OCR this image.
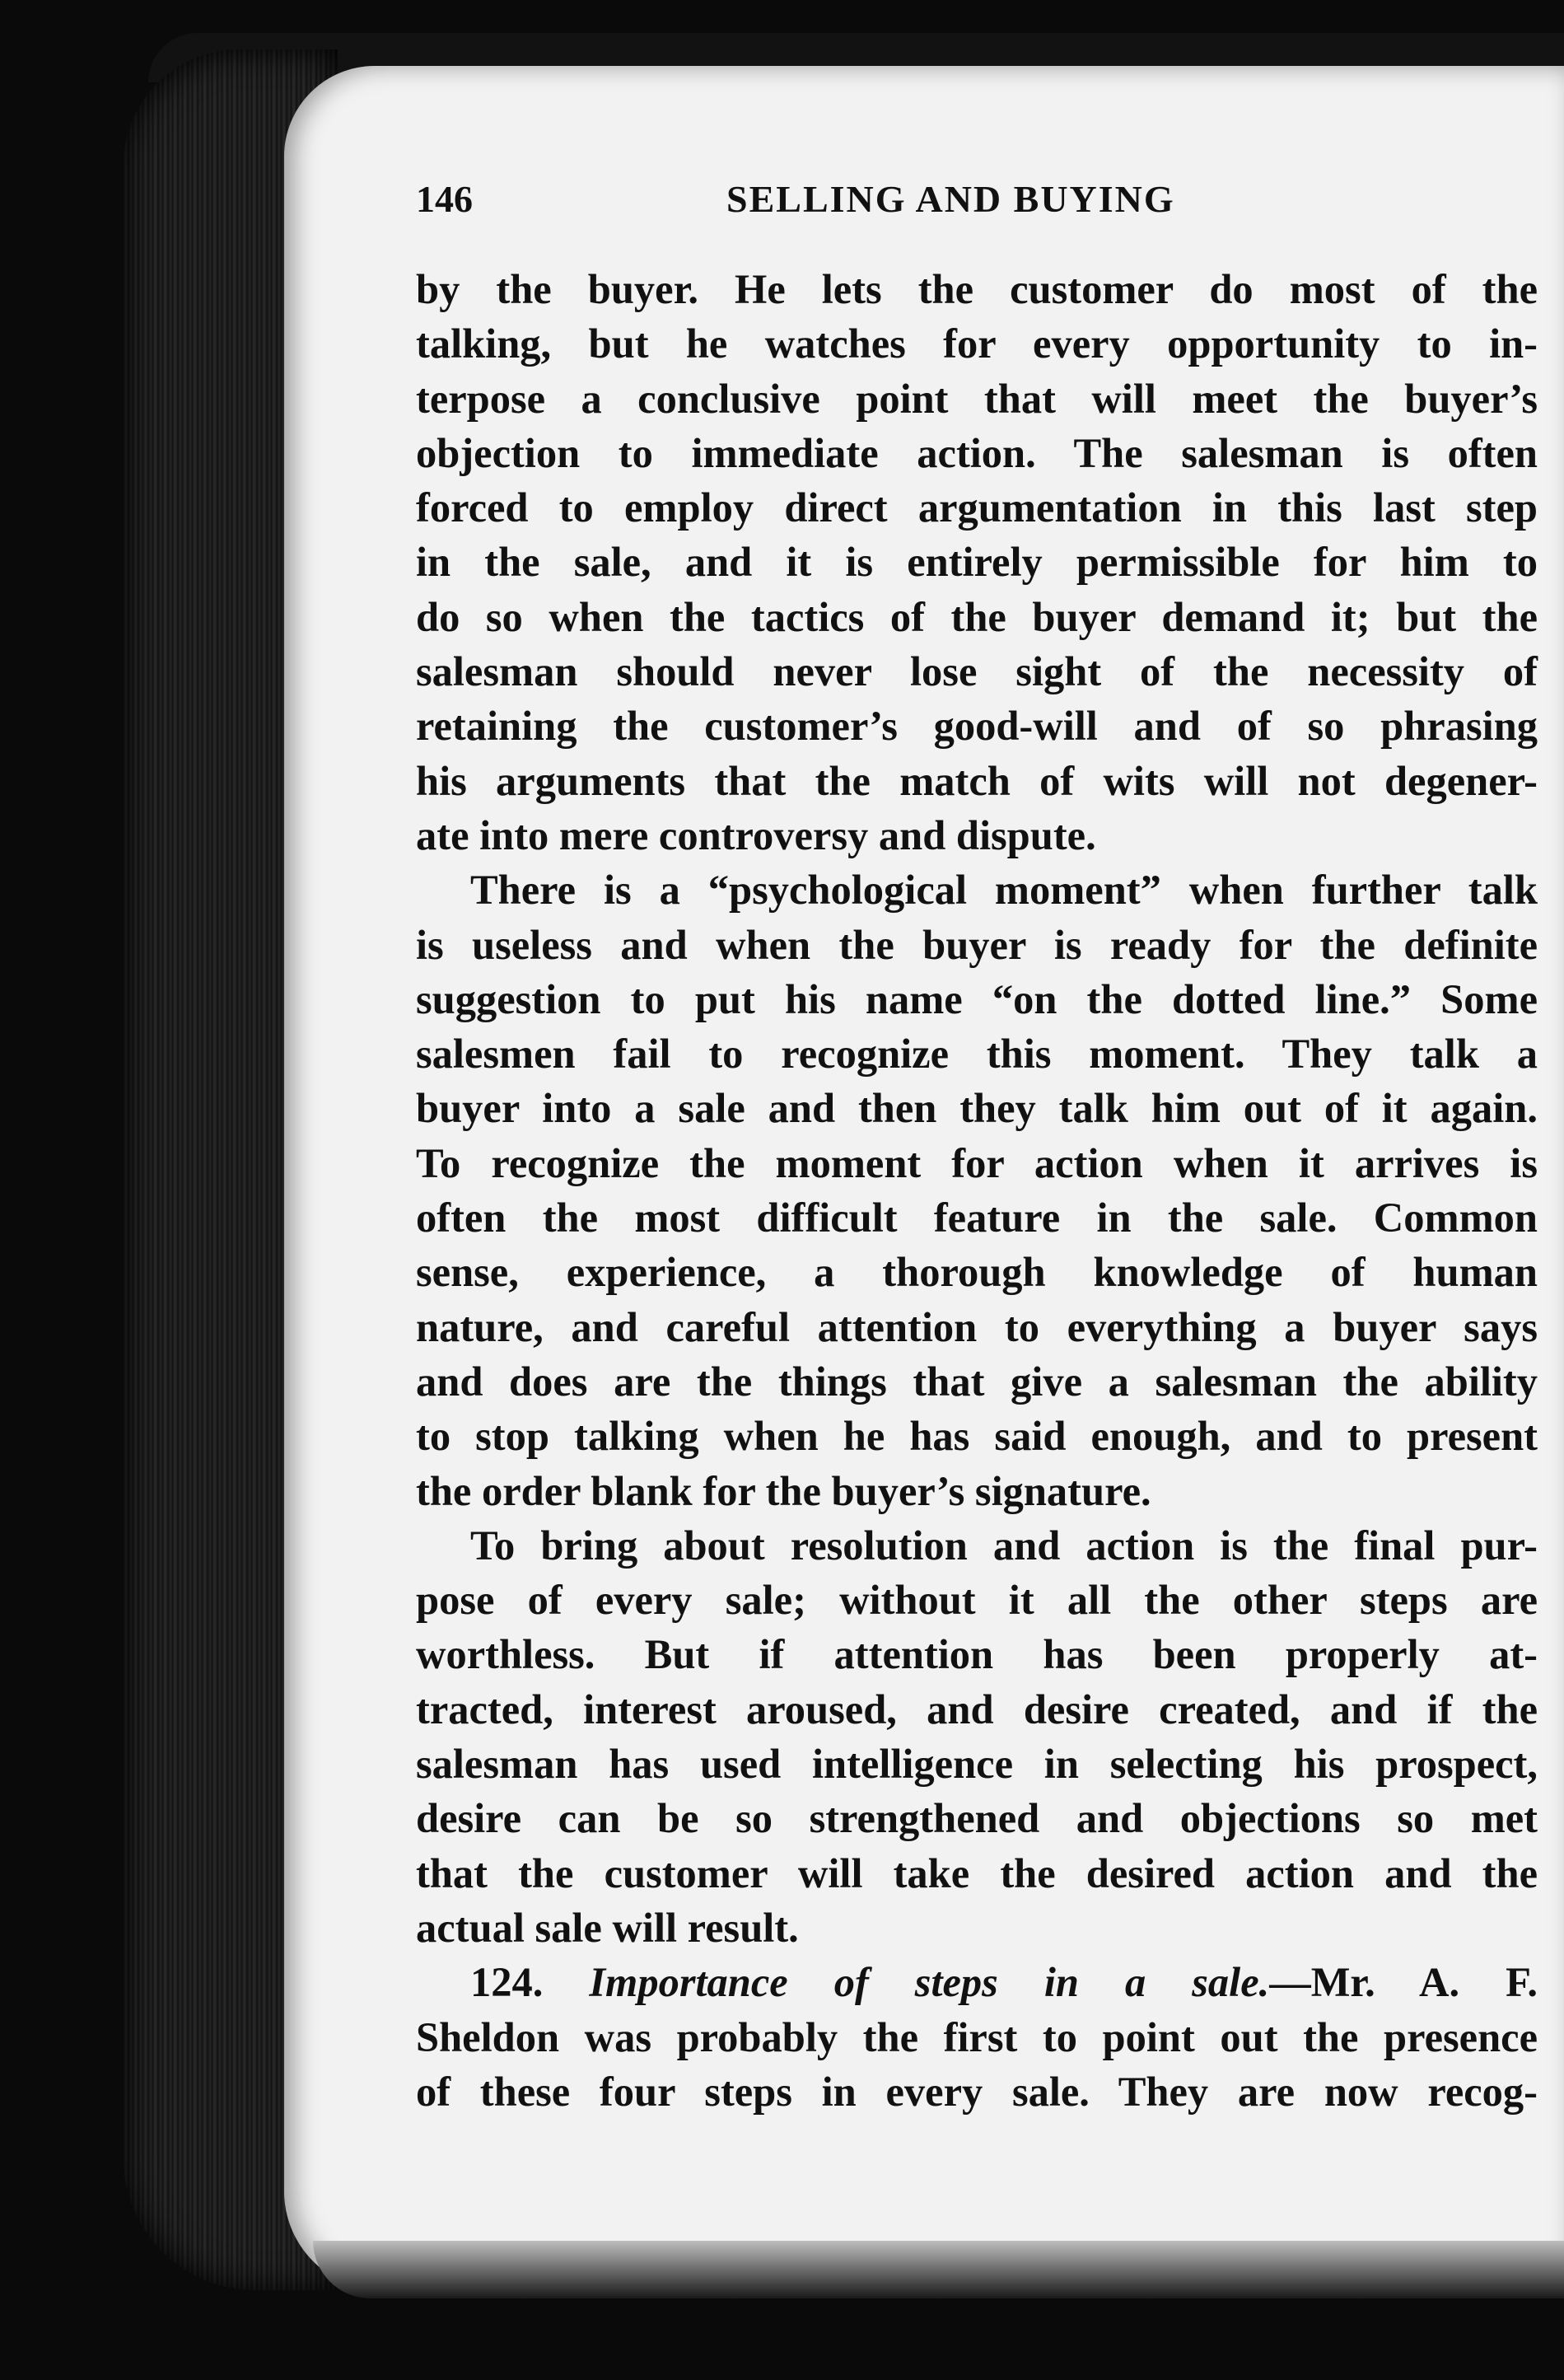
146	SELLING AND BUYING
by the buyer. He lets the customer do most of the
talking, but he watches for every opportunity to in-
terpose a conclusive point that will meet the buyer’s
objection to immediate action. The salesman is often
forced to employ direct argumentation in this last step
in the sale, and it is entirely permissible for him to
do so when the tactics of the buyer demand it; but the
salesman should never lose sight of the necessity of
retaining the customer’s good-will and of so phrasing
his arguments that the match of wits will not degener-
ate into mere controversy and dispute.
There is a “psychological moment” when further talk
is useless and when the buyer is ready for the definite
suggestion to put his name “on the dotted line.” Some
salesmen fail to recognize this moment. They talk a
buyer into a sale and then they talk him out of it again.
To recognize the moment for action when it arrives is
often the most difficult feature in the sale. Common
sense, experience, a thorough knowledge of human
nature, and careful attention to everything a buyer says
and does are the things that give a salesman the ability
to stop talking when he has said enough, and to present
the order blank for the buyer’s signature.
To bring about resolution and action is the final pur-
pose of every sale; without it all the other steps are
worthless. But if attention has been properly at-
tracted, interest aroused, and desire created, and if the
salesman has used intelligence in selecting his prospect,
desire can be so strengthened and objections so met
that the customer will take the desired action and the
actual sale will result.
124. Importance of steps in a sale.—Mr. A. F.
Sheldon was probably the first to point out the presence
of these four steps in every sale. They are now recog-
